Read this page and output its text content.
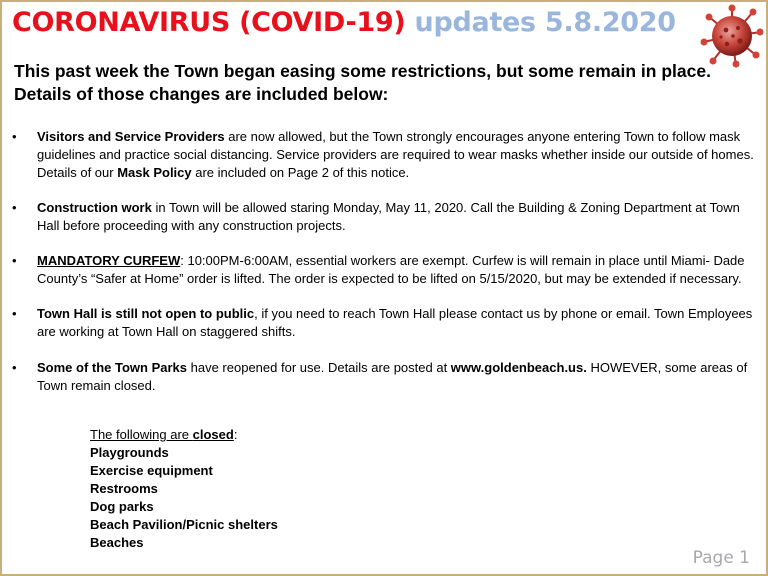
CORONAVIRUS (COVID-19) updates 5.8.2020

This past week the Town began easing some restrictions, but some remain in place. Details of those changes are included below:

• Visitors and Service Providers are now allowed, but the Town strongly encourages anyone entering Town to follow mask guidelines and practice social distancing. Service providers are required to wear masks whether inside our outside of homes. Details of our Mask Policy are included on Page 2 of this notice.
• Construction work in Town will be allowed staring Monday, May 11, 2020. Call the Building & Zoning Department at Town Hall before proceeding with any construction projects.
• MANDATORY CURFEW: 10:00PM-6:00AM, essential workers are exempt. Curfew is will remain in place until Miami- Dade County’s “Safer at Home” order is lifted. The order is expected to be lifted on 5/15/2020, but may be extended if necessary.
• Town Hall is still not open to public, if you need to reach Town Hall please contact us by phone or email. Town Employees are working at Town Hall on staggered shifts.
• Some of the Town Parks have reopened for use. Details are posted at www.goldenbeach.us. HOWEVER, some areas of Town remain closed.
The following are closed:
Playgrounds
Exercise equipment
Restrooms
Dog parks
Beach Pavilion/Picnic shelters
Beaches

Page 1
